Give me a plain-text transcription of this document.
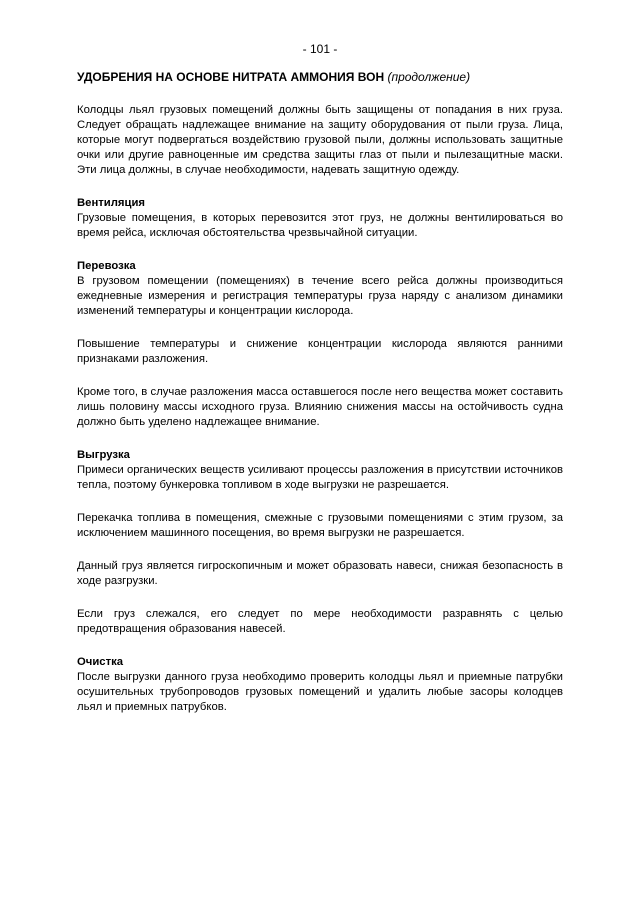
- 101 -
УДОБРЕНИЯ НА ОСНОВЕ НИТРАТА АММОНИЯ ВОН (продолжение)

Колодцы льял грузовых помещений должны быть защищены от попадания в них груза. Следует обращать надлежащее внимание на защиту оборудования от пыли груза. Лица, которые могут подвергаться воздействию грузовой пыли, должны использовать защитные очки или другие равноценные им средства защиты глаз от пыли и пылезащитные маски. Эти лица должны, в случае необходимости, надевать защитную одежду.

Вентиляция

Грузовые помещения, в которых перевозится этот груз, не должны вентилироваться во время рейса, исключая обстоятельства чрезвычайной ситуации.

Перевозка

В грузовом помещении (помещениях) в течение всего рейса должны производиться ежедневные измерения и регистрация температуры груза наряду с анализом динамики изменений температуры и концентрации кислорода.

Повышение температуры и снижение концентрации кислорода являются ранними признаками разложения.

Кроме того, в случае разложения масса оставшегося после него вещества может составить лишь половину массы исходного груза. Влиянию снижения массы на остойчивость судна должно быть уделено надлежащее внимание.

Выгрузка

Примеси органических веществ усиливают процессы разложения в присутствии источников тепла, поэтому бункеровка топливом в ходе выгрузки не разрешается.

Перекачка топлива в помещения, смежные с грузовыми помещениями с этим грузом, за исключением машинного посещения, во время выгрузки не разрешается.

Данный груз является гигроскопичным и может образовать навеси, снижая безопасность в ходе разгрузки.

Если груз слежался, его следует по мере необходимости разравнять с целью предотвращения образования навесей.

Очистка

После выгрузки данного груза необходимо проверить колодцы льял и приемные патрубки осушительных трубопроводов грузовых помещений и удалить любые засоры колодцев льял и приемных патрубков.
